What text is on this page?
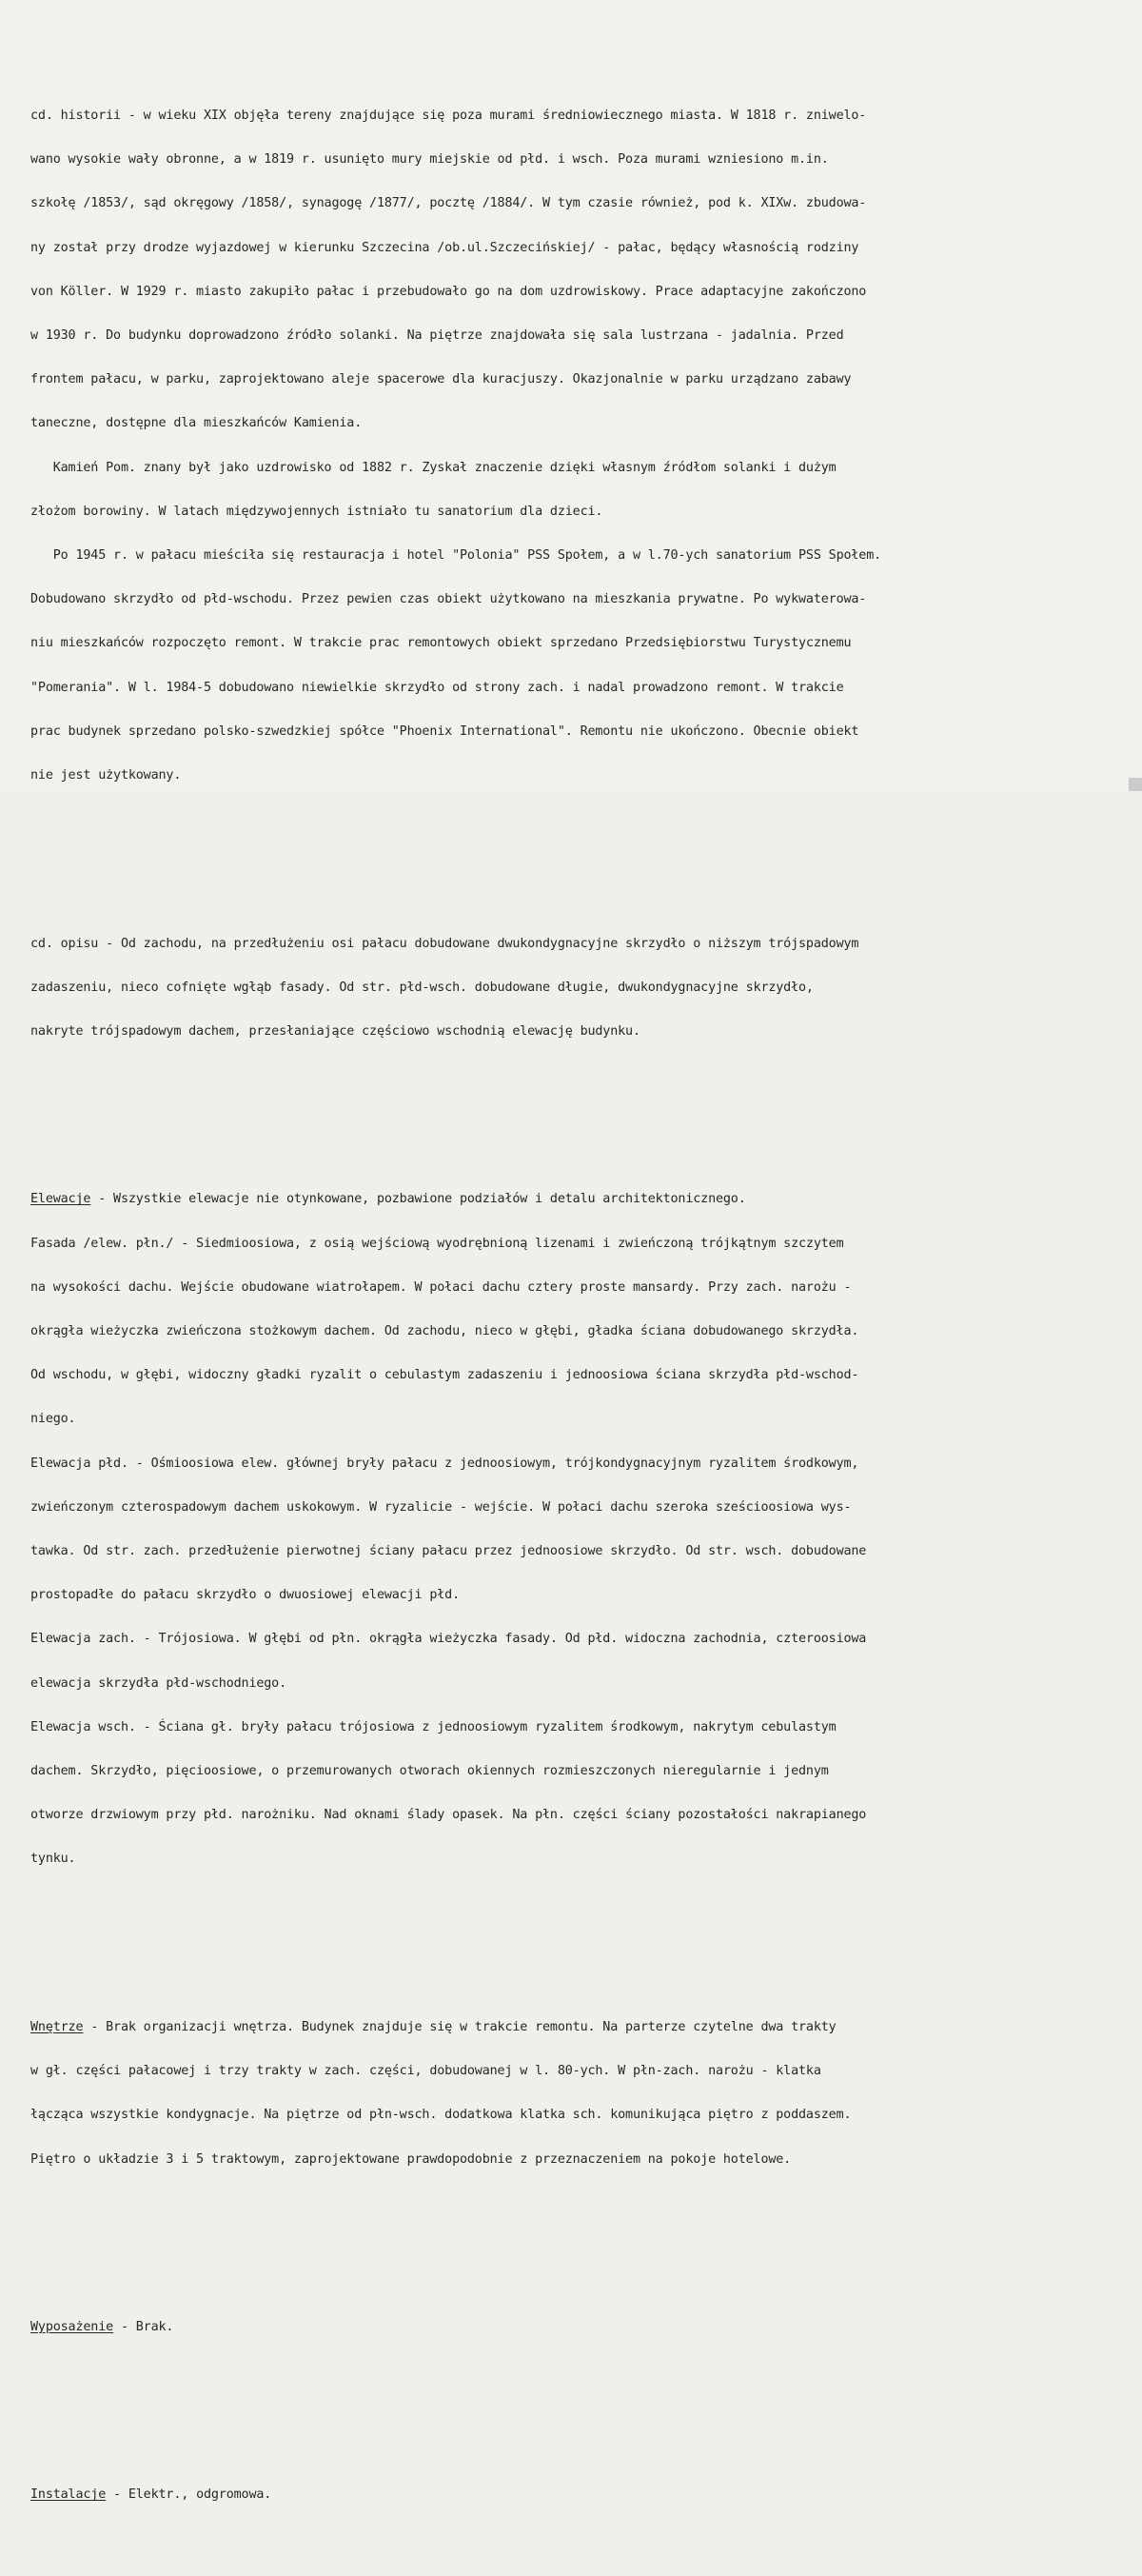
cd. historii - w wieku XIX objęła tereny znajdujące się poza murami średniowiecznego miasta. W 1818 r. zniwelo-

wano wysokie wały obronne, a w 1819 r. usunięto mury miejskie od płd. i wsch. Poza murami wzniesiono m.in.

szkołę /1853/, sąd okręgowy /1858/, synagogę /1877/, pocztę /1884/. W tym czasie również, pod k. XIXw. zbudowa-

ny został przy drodze wyjazdowej w kierunku Szczecina /ob.ul.Szczecińskiej/ - pałac, będący własnością rodziny

von Köller. W 1929 r. miasto zakupiło pałac i przebudowało go na dom uzdrowiskowy. Prace adaptacyjne zakończono

w 1930 r. Do budynku doprowadzono źródło solanki. Na piętrze znajdowała się sala lustrzana - jadalnia. Przed

frontem pałacu, w parku, zaprojektowano aleje spacerowe dla kuracjuszy. Okazjonalnie w parku urządzano zabawy

taneczne, dostępne dla mieszkańców Kamienia.

Kamień Pom. znany był jako uzdrowisko od 1882 r. Zyskał znaczenie dzięki własnym źródłom solanki i dużym

złożom borowiny. W latach międzywojennych istniało tu sanatorium dla dzieci.

Po 1945 r. w pałacu mieściła się restauracja i hotel "Polonia" PSS Społem, a w l.70-ych sanatorium PSS Społem.

Dobudowano skrzydło od płd-wschodu. Przez pewien czas obiekt użytkowano na mieszkania prywatne. Po wykwaterowa-

niu mieszkańców rozpoczęto remont. W trakcie prac remontowych obiekt sprzedano Przedsiębiorstwu Turystycznemu

"Pomerania". W l. 1984-5 dobudowano niewielkie skrzydło od strony zach. i nadal prowadzono remont. W trakcie

prac budynek sprzedano polsko-szwedzkiej spółce "Phoenix International". Remontu nie ukończono. Obecnie obiekt

nie jest użytkowany.

cd. opisu - Od zachodu, na przedłużeniu osi pałacu dobudowane dwukondygnacyjne skrzydło o niższym trójspadowym

zadaszeniu, nieco cofnięte wgłąb fasady. Od str. płd-wsch. dobudowane długie, dwukondygnacyjne skrzydło,

nakryte trójspadowym dachem, przesłaniające częściowo wschodnią elewację budynku.

Elewacje - Wszystkie elewacje nie otynkowane, pozbawione podziałów i detalu architektonicznego.

Fasada /elew. płn./ - Siedmioosiowa, z osią wejściową wyodrębnioną lizenami i zwieńczoną trójkątnym szczytem

na wysokości dachu. Wejście obudowane wiatrołapem. W połaci dachu cztery proste mansardy. Przy zach. narożu -

okrągła wieżyczka zwieńczona stożkowym dachem. Od zachodu, nieco w głębi, gładka ściana dobudowanego skrzydła.

Od wschodu, w głębi, widoczny gładki ryzalit o cebulastym zadaszeniu i jednoosiowa ściana skrzydła płd-wschod-

niego.

Elewacja płd. - Ośmioosiowa elew. głównej bryły pałacu z jednoosiowym, trójkondygnacyjnym ryzalitem środkowym,

zwieńczonym czterospadowym dachem uskokowym. W ryzalicie - wejście. W połaci dachu szeroka sześcioosiowa wys-

tawka. Od str. zach. przedłużenie pierwotnej ściany pałacu przez jednoosiowe skrzydło. Od str. wsch. dobudowane

prostopadłe do pałacu skrzydło o dwuosiowej elewacji płd.

Elewacja zach. - Trójosiowa. W głębi od płn. okrągła wieżyczka fasady. Od płd. widoczna zachodnia, czteroosiowa

elewacja skrzydła płd-wschodniego.

Elewacja wsch. - Ściana gł. bryły pałacu trójosiowa z jednoosiowym ryzalitem środkowym, nakrytym cebulastym

dachem. Skrzydło, pięcioosiowe, o przemurowanych otworach okiennych rozmieszczonych nieregularnie i jednym

otworze drzwiowym przy płd. narożniku. Nad oknami ślady opasek. Na płn. części ściany pozostałości nakrapianego

tynku.

Wnętrze - Brak organizacji wnętrza. Budynek znajduje się w trakcie remontu. Na parterze czytelne dwa trakty

w gł. części pałacowej i trzy trakty w zach. części, dobudowanej w l. 80-ych. W płn-zach. narożu - klatka

łącząca wszystkie kondygnacje. Na piętrze od płn-wsch. dodatkowa klatka sch. komunikująca piętro z poddaszem.

Piętro o układzie 3 i 5 traktowym, zaprojektowane prawdopodobnie z przeznaczeniem na pokoje hotelowe.

Wyposażenie - Brak.

Instalacje - Elektr., odgromowa.
